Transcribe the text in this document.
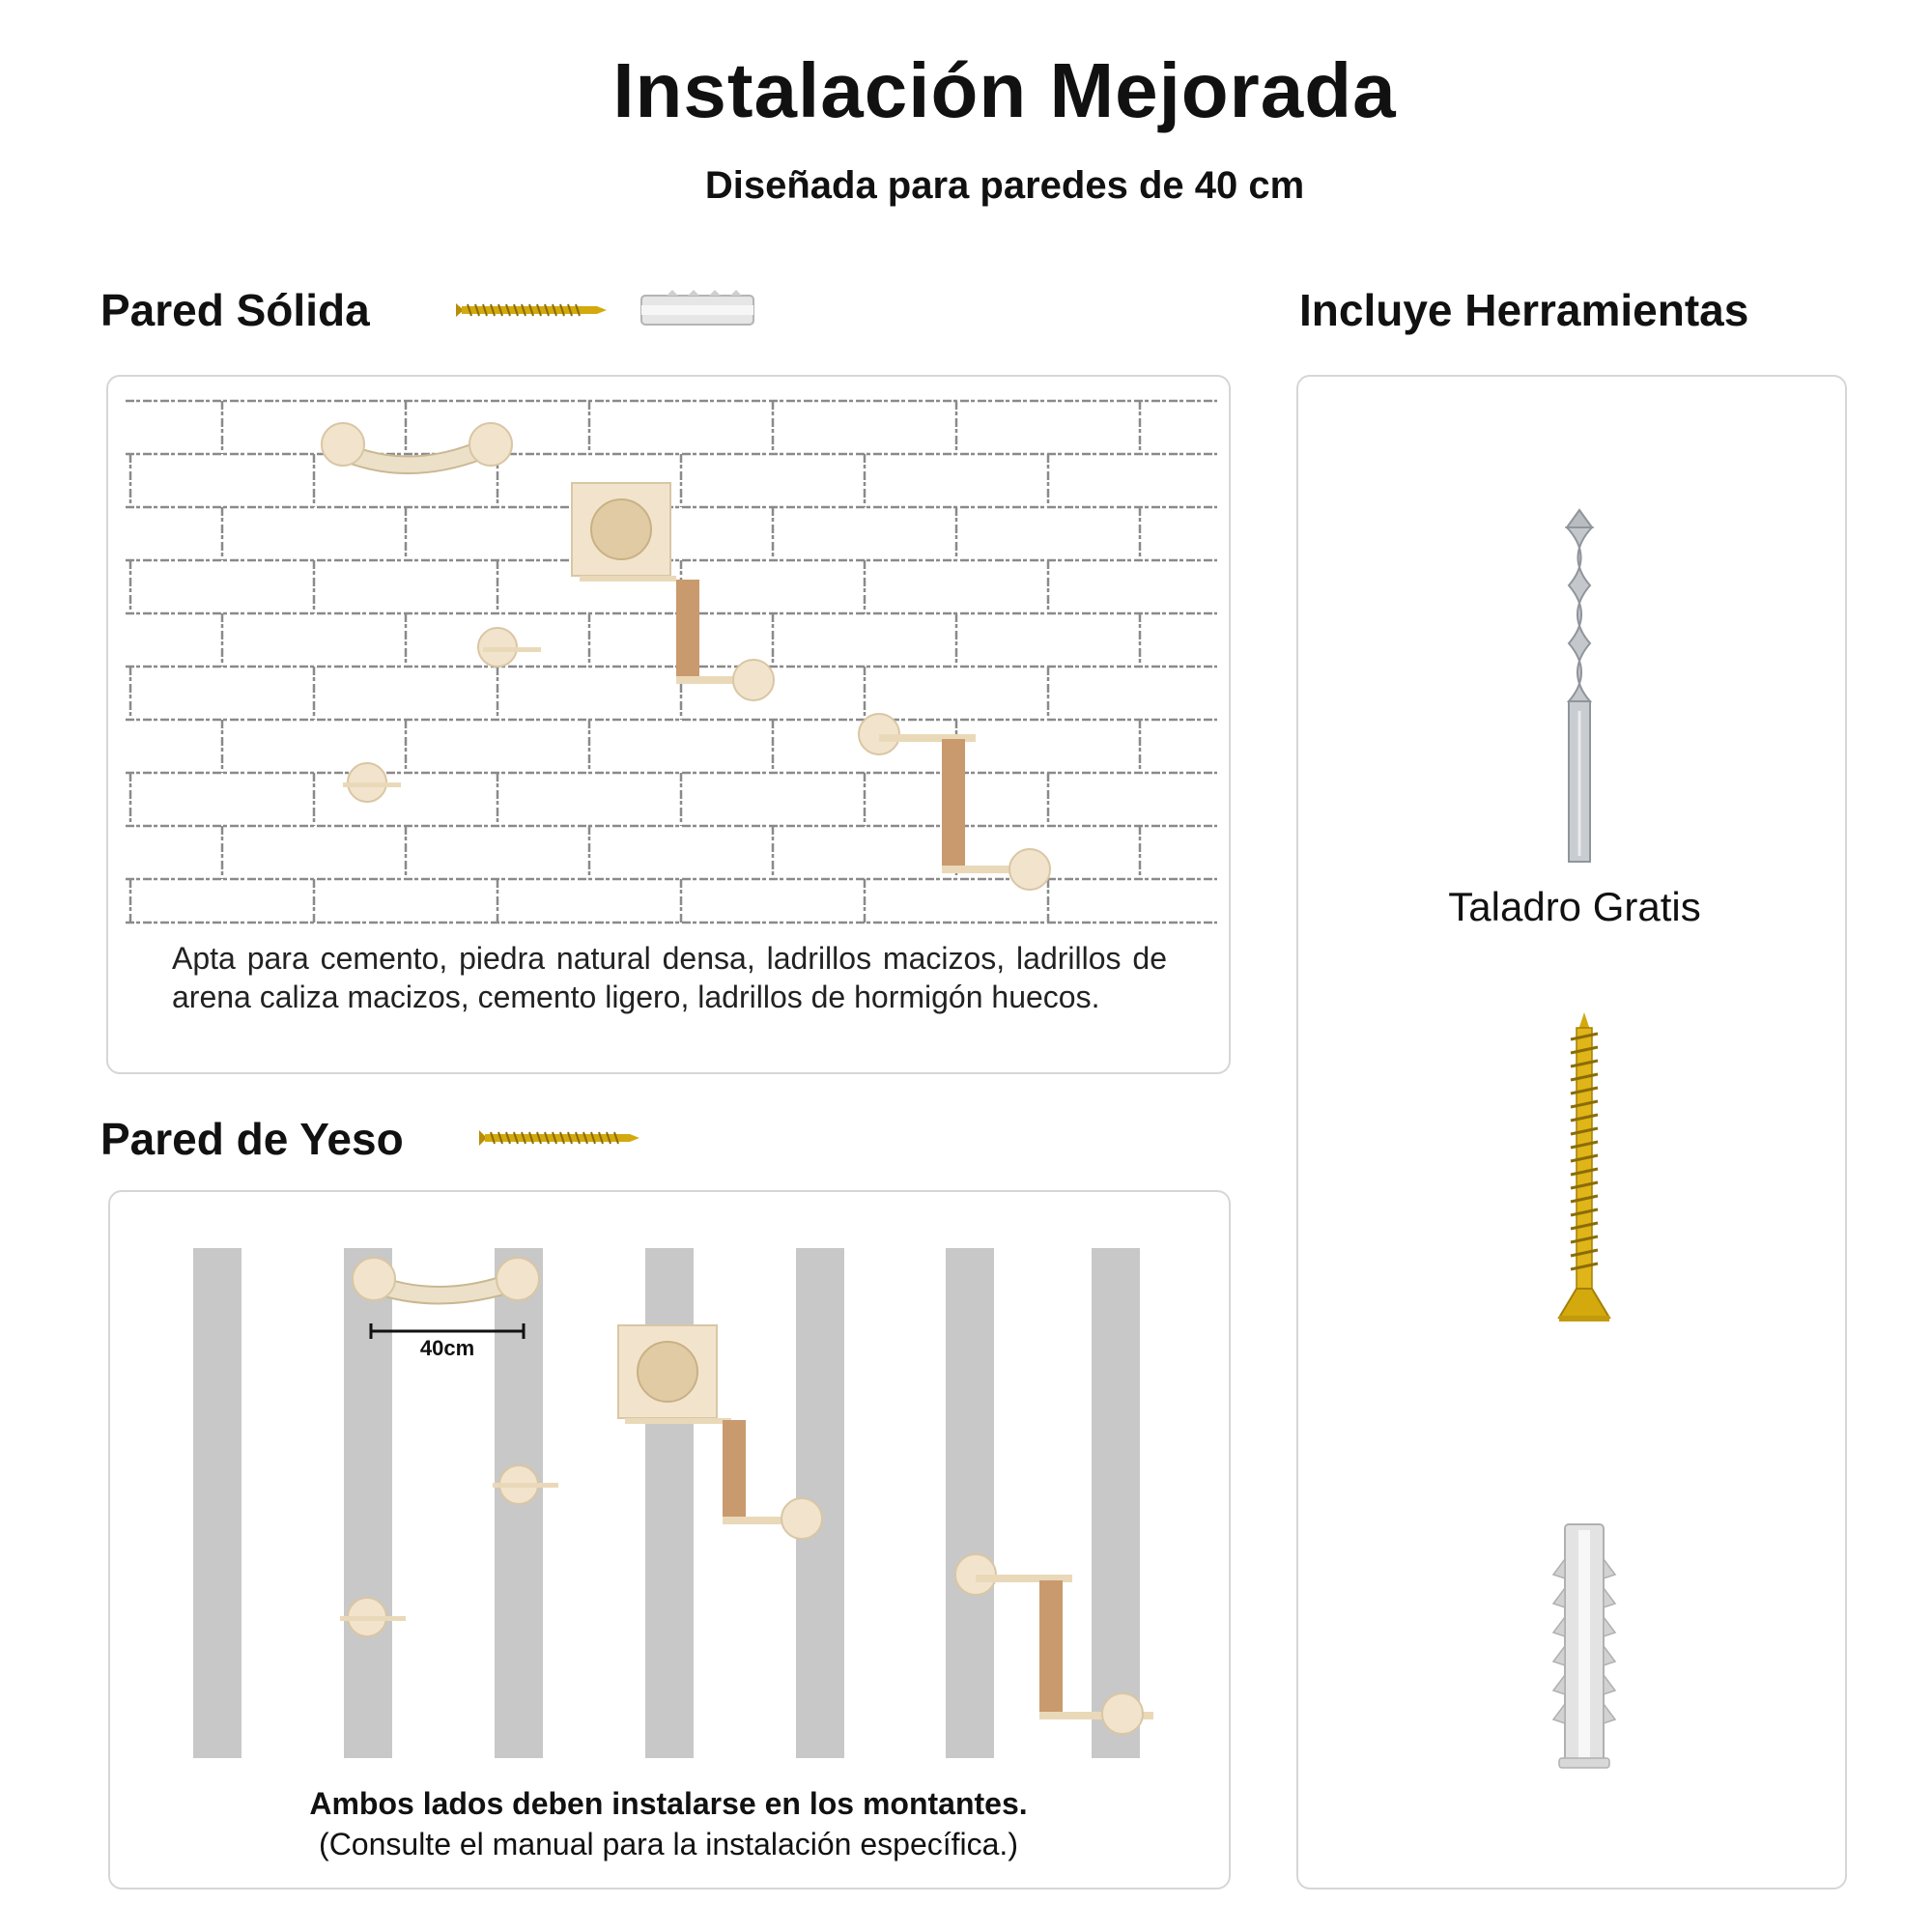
Instalación Mejorada
Diseñada para paredes de 40 cm
Pared Sólida
Apta para cemento, piedra natural densa, ladrillos macizos, ladrillos de arena caliza macizos, cemento ligero, ladrillos de hormigón huecos.
Pared de Yeso
40cm
Ambos lados deben instalarse en los montantes.
(Consulte el manual para la instalación específica.)
Incluye Herramientas
Taladro Gratis
